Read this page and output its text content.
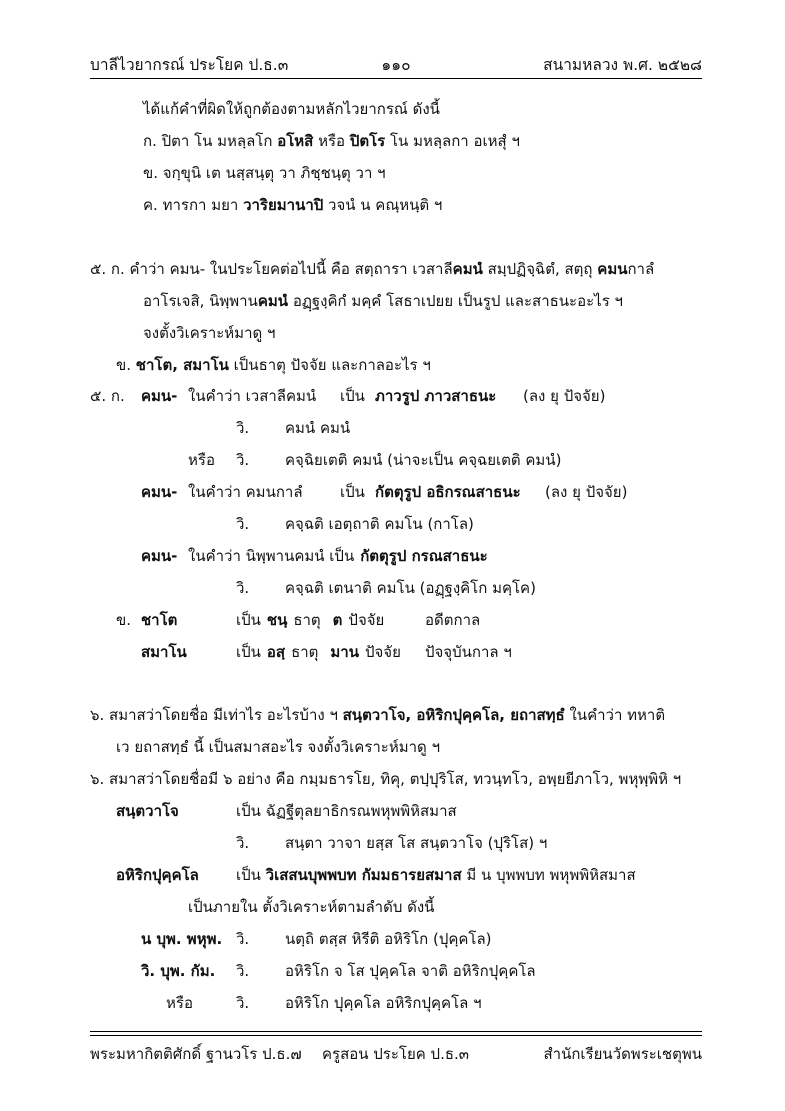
บาลีไวยากรณ์ ประโยค ป.ธ.๓	๑๑๐	สนามหลวง พ.ศ. ๒๕๒๘
ได้แก้คำที่ผิดให้ถูกต้องตามหลักไวยากรณ์ ดังนี้
ก. ปิตา โน มหลฺลโก อโหสิ หรือ ปิตโร โน มหลฺลกา อเหสุํ ฯ
ข. จกฺขุนิ เต นสฺสนฺตุ วา ภิชฺชนฺตุ วา ฯ
ค. ทารกา มยา วาริยมานาปิ วจนํ น คณฺหนฺติ ฯ
๕. ก. คำว่า คมน- ในประโยคต่อไปนี้ คือ สตฺถารา เวสาลีคมนํ สมฺปฏิจฺฉิตํ, สตฺถุ คมนกาลํ
อาโรเจสิ, นิพฺพานคมนํ อฏฺฐงฺคิกํ มคฺคํ โสธาเปยย เป็นรูป และสาธนะอะไร ฯ
จงตั้งวิเคราะห์มาดู ฯ
ข. ชาโต, สมาโน เป็นธาตุ ปัจจัย และกาลอะไร ฯ
๕. ก. คมน- ในคำว่า เวสาลีคมนํ เป็น ภาวรูป ภาวสาธนะ (ลง ยุ ปัจจัย)
วิ. คมนํ คมนํ
หรือ วิ. คจฺฉิยเตติ คมนํ (น่าจะเป็น คจฺฉยเตติ คมนํ)
คมน- ในคำว่า คมนกาลํ เป็น กัตตุรูป อธิกรณสาธนะ (ลง ยุ ปัจจัย)
วิ. คจฺฉติ เอตฺถาติ คมโน (กาโล)
คมน- ในคำว่า นิพฺพานคมนํ เป็น กัตตุรูป กรณสาธนะ
วิ. คจฺฉติ เตนาติ คมโน (อฏฺฐงฺคิโก มคฺโค)
ข. ชาโต	เป็น ชนฺ ธาตุ ต ปัจจัย	อดีตกาล
สมาโน	เป็น อสฺ ธาตุ มาน ปัจจัย ปัจจุบันกาล ฯ
๖. สมาสว่าโดยชื่อ มีเท่าไร อะไรบ้าง ฯ สนฺตวาโจ, อหิริกปุคฺคโล, ยถาสทฺธํ ในคำว่า ทหาติ
เว ยถาสทฺธํ นี้ เป็นสมาสอะไร จงตั้งวิเคราะห์มาดู ฯ
๖. สมาสว่าโดยชื่อมี ๖ อย่าง คือ กมฺมธารโย, ทิคุ, ตปฺปุริโส, ทวนฺทโว, อพฺยยีภาโว, พหุพฺพิหิ ฯ
สนฺตวาโจ	เป็น ฉัฏฐีตุลยาธิกรณพหุพพิหิสมาส
วิ. สนฺตา วาจา ยสฺส โส สนฺตวาโจ (ปุริโส) ฯ
อหิริกปุคฺคโล เป็น วิเสสนบุพพบท กัมมธารยสมาส มี น บุพพบท พหุพพิหิสมาส
เป็นภายใน ตั้งวิเคราะห์ตามลำดับ ดังนี้
น บุพ. พหุพ. วิ. นตฺถิ ตสฺส หิรีติ อหิริโก (ปุคฺคโล)
วิ. บุพ. กัม. วิ. อหิริโก จ โส ปุคฺคโล จาติ อหิริกปุคฺคโล
หรือ	วิ. อหิริโก ปุคฺคโล อหิริกปุคฺคโล ฯ
พระมหากิตติศักดิ์ ฐานวโร ป.ธ.๗ ครูสอน ประโยค ป.ธ.๓	สำนักเรียนวัดพระเชตุพน
